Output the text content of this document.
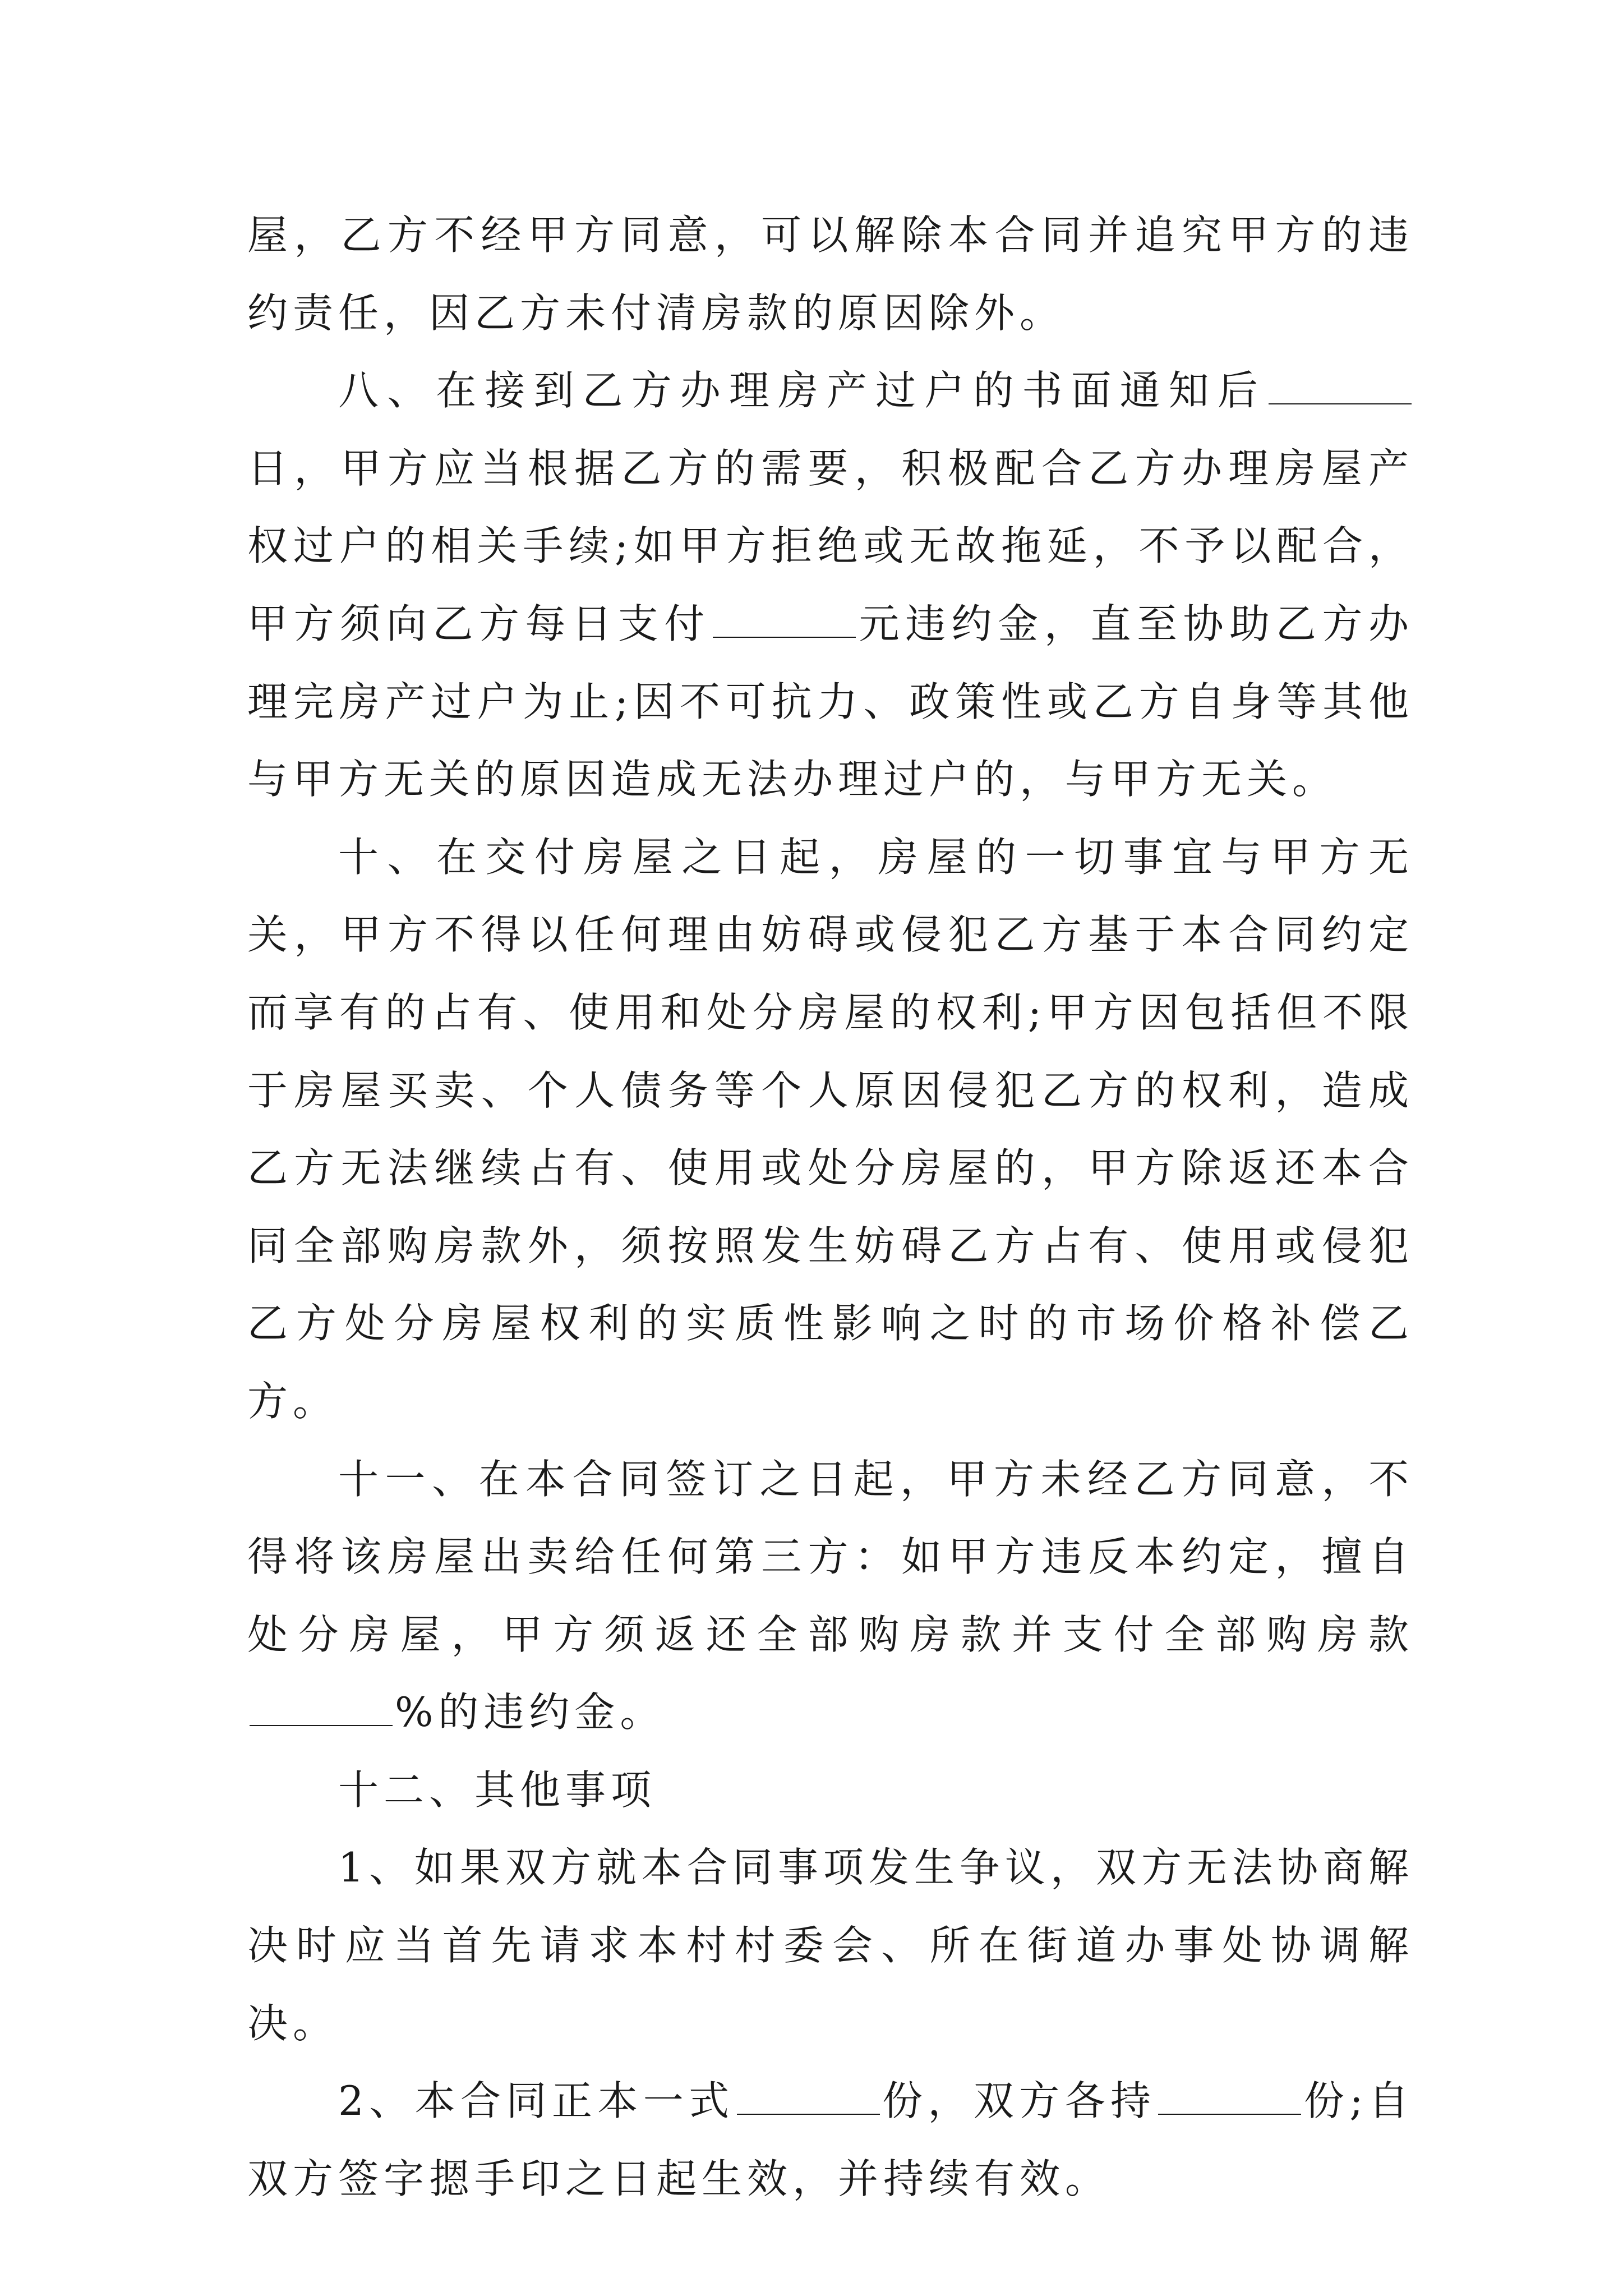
屋，乙方不经甲方同意，可以解除本合同并追究甲方的违约责任，因乙方未付清房款的原因除外。

八、在接到乙方办理房产过户的书面通知后日，甲方应当根据乙方的需要，积极配合乙方办理房屋产权过户的相关手续;如甲方拒绝或无故拖延，不予以配合，甲方须向乙方每日支付	元违约金，直至协助乙方办理完房产过户为止;因不可抗力、政策性或乙方自身等其他与甲方无关的原因造成无法办理过户的，与甲方无关。

十、在交付房屋之日起，房屋的一切事宜与甲方无关，甲方不得以任何理由妨碍或侵犯乙方基于本合同约定而享有的占有、使用和处分房屋的权利;甲方因包括但不限于房屋买卖、个人债务等个人原因侵犯乙方的权利，造成乙方无法继续占有、使用或处分房屋的，甲方除返还本合同全部购房款外，须按照发生妨碍乙方占有、使用或侵犯乙方处分房屋权利的实质性影响之时的市场价格补偿乙方。

十一、在本合同签订之日起，甲方未经乙方同意，不得将该房屋出卖给任何第三方：如甲方违反本约定，擅自处分房屋，甲方须返还全部购房款并支付全部购房款%的违约金。

十二、其他事项

1、如果双方就本合同事项发生争议，双方无法协商解决时应当首先请求本村村委会、所在街道办事处协调解决。

2、本合同正本一式	份，双方各持	份;自双方签字摁手印之日起生效，并持续有效。
